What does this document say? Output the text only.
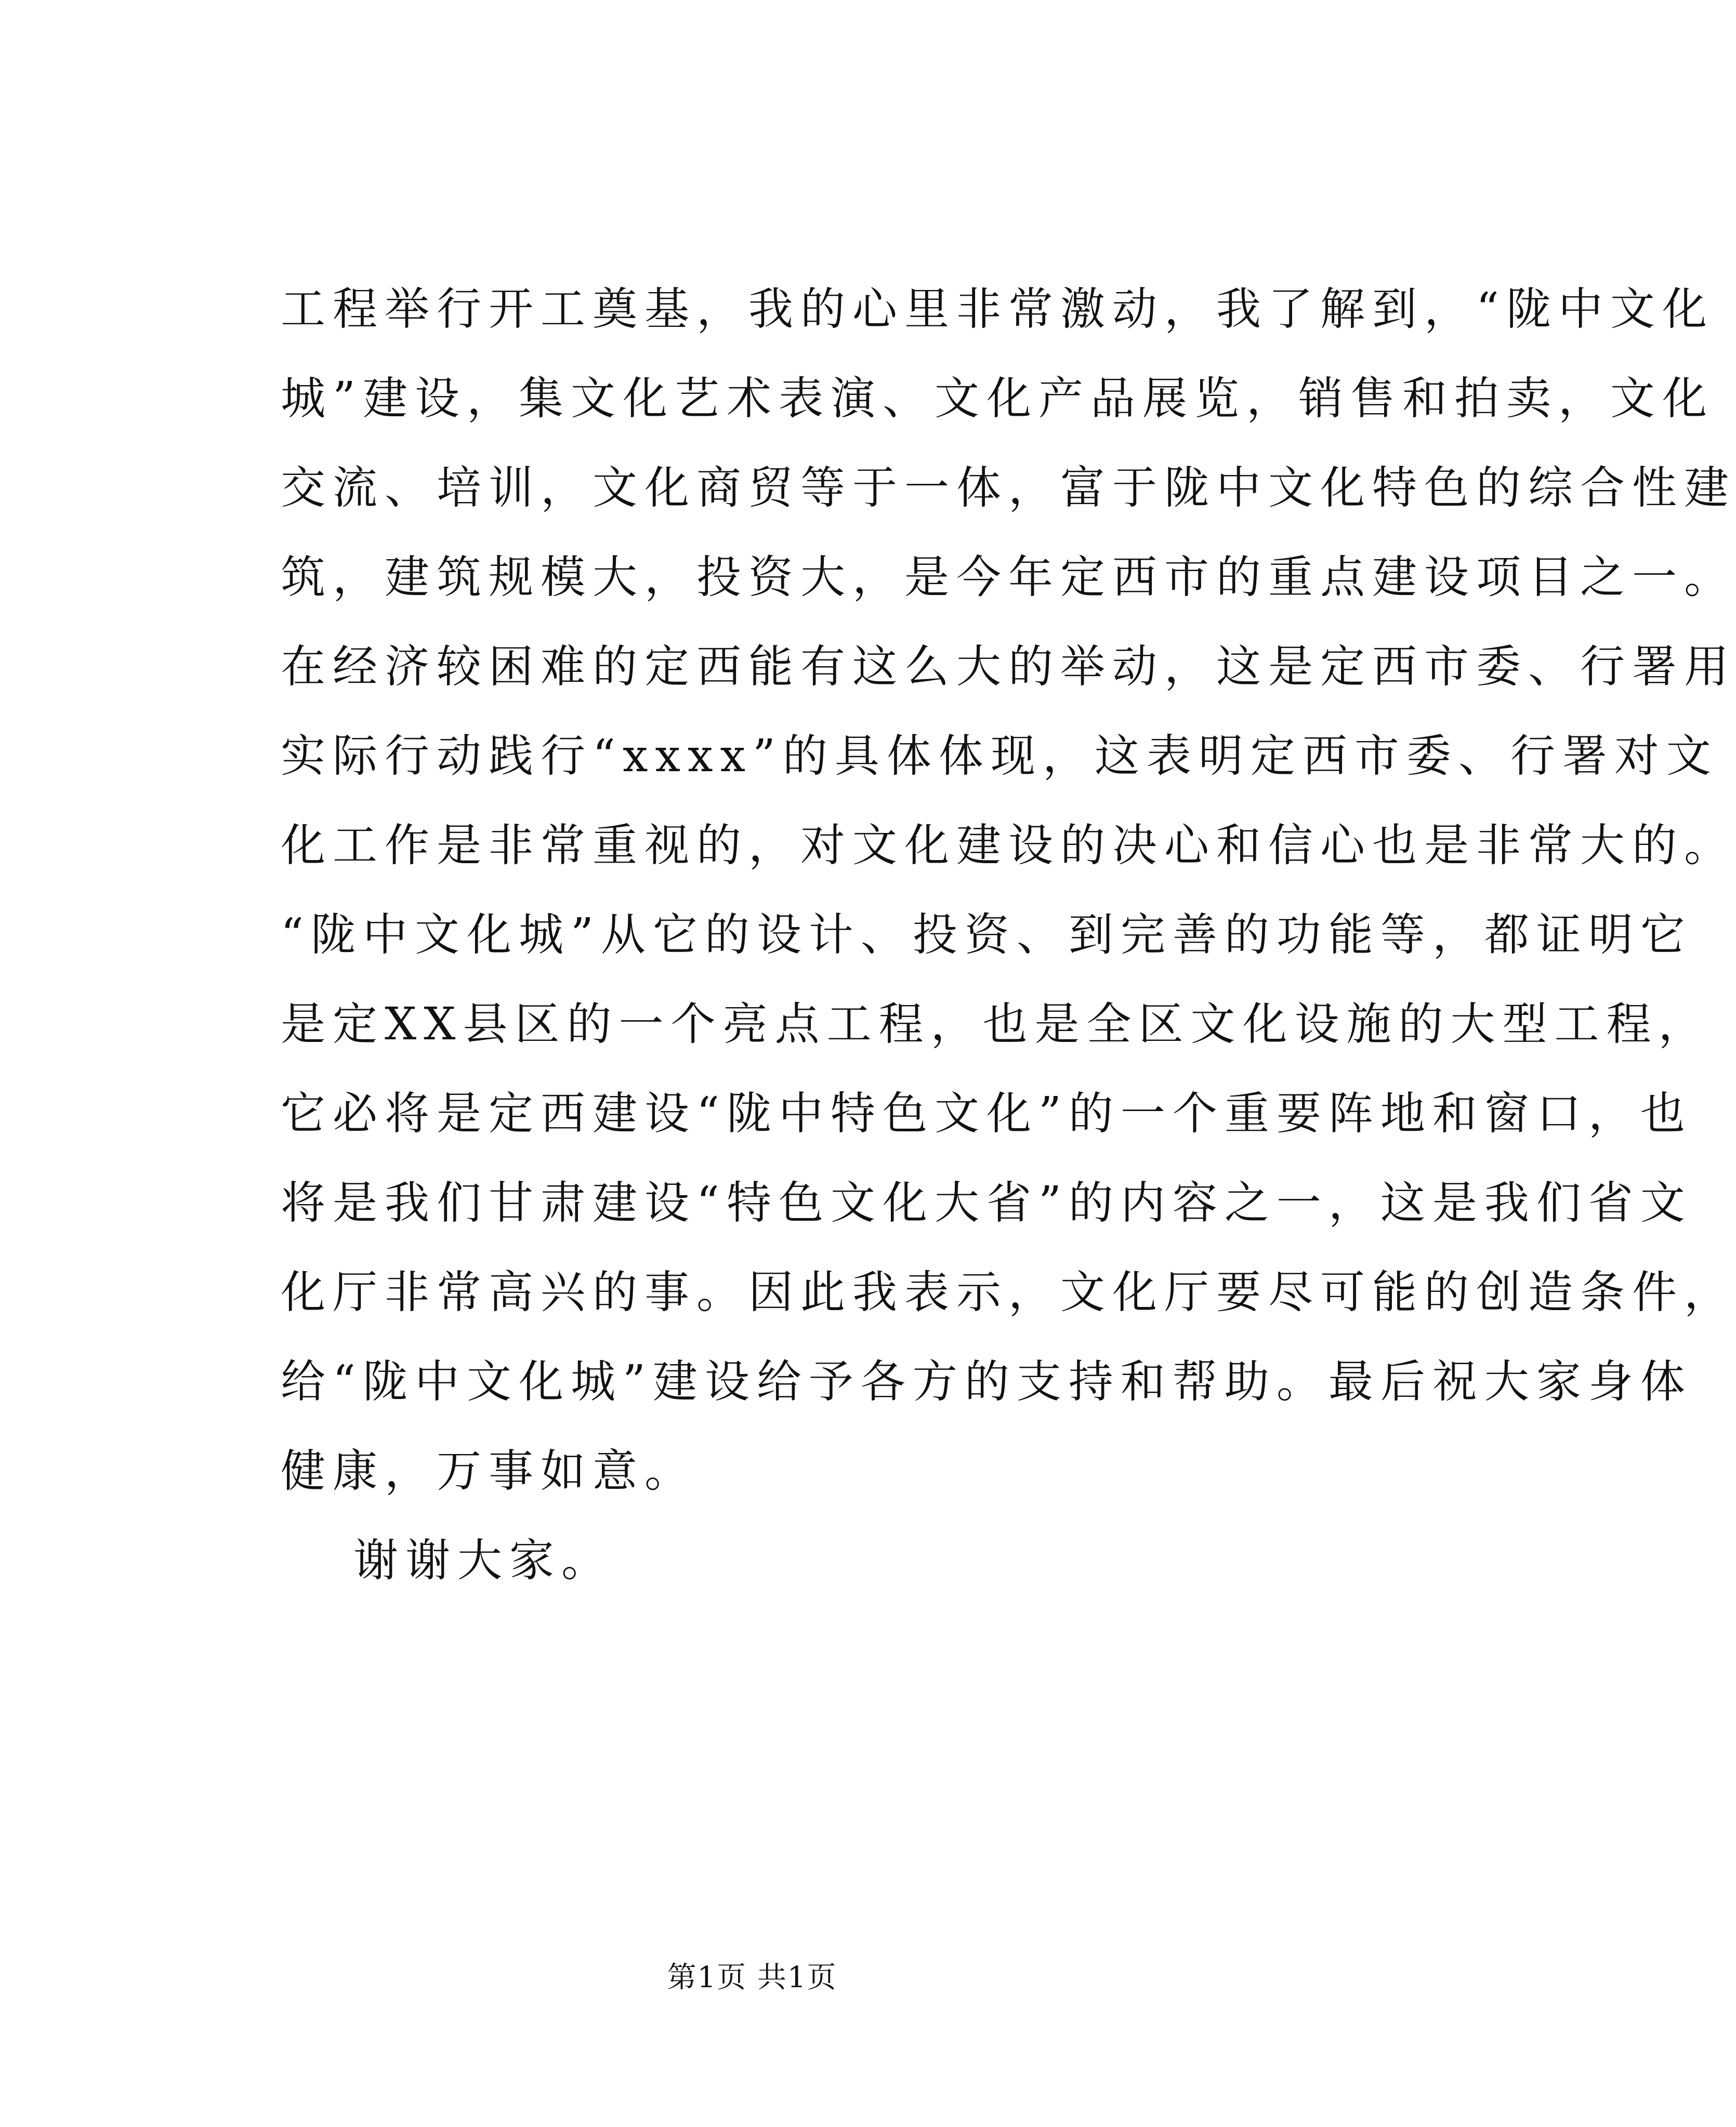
工程举行开工奠基，我的心里非常激动，我了解到，“陇中文化
城”建设，集文化艺术表演、文化产品展览，销售和拍卖，文化
交流、培训，文化商贸等于一体，富于陇中文化特色的综合性建
筑，建筑规模大，投资大，是今年定西市的重点建设项目之一。
在经济较困难的定西能有这么大的举动，这是定西市委、行署用
实际行动践行“xxxx”的具体体现，这表明定西市委、行署对文
化工作是非常重视的，对文化建设的决心和信心也是非常大的。
“陇中文化城”从它的设计、投资、到完善的功能等，都证明它
是定XX县区的一个亮点工程，也是全区文化设施的大型工程，
它必将是定西建设“陇中特色文化”的一个重要阵地和窗口，也
将是我们甘肃建设“特色文化大省”的内容之一，这是我们省文
化厅非常高兴的事。因此我表示，文化厅要尽可能的创造条件，
给“陇中文化城”建设给予各方的支持和帮助。最后祝大家身体
健康，万事如意。
谢谢大家。
第1页 共1页
